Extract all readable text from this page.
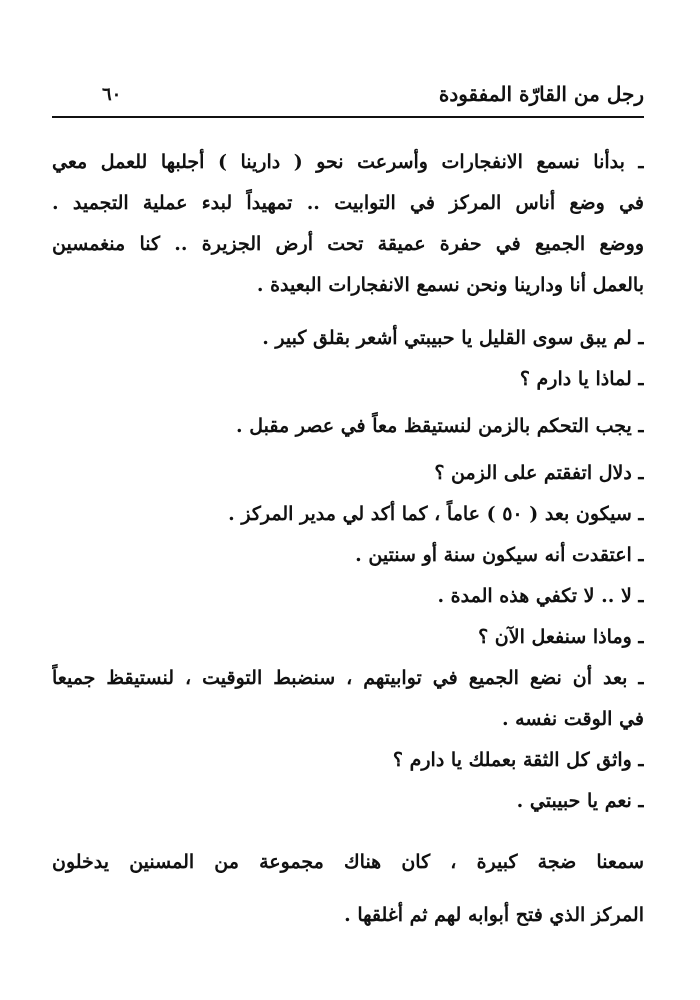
رجل من القارّة المفقودة
٦٠
ـ بدأنا نسمع الانفجارات وأسرعت نحو ( دارينا ) أجلبها للعمل معي
في وضع أناس المركز في التوابيت .. تمهيداً لبدء عملية التجميد .
ووضع الجميع في حفرة عميقة تحت أرض الجزيرة .. كنا منغمسين
بالعمل أنا ودارينا ونحن نسمع الانفجارات البعيدة .
ـ لم يبق سوى القليل يا حبيبتي أشعر بقلق كبير .
ـ لماذا يا دارم ؟
ـ يجب التحكم بالزمن لنستيقظ معاً في عصر مقبل .
ـ دلال اتفقتم على الزمن ؟
ـ سيكون بعد ( ٥٠ ) عاماً ، كما أكد لي مدير المركز .
ـ اعتقدت أنه سيكون سنة أو سنتين .
ـ لا .. لا تكفي هذه المدة .
ـ وماذا سنفعل الآن ؟
ـ بعد أن نضع الجميع في توابيتهم ، سنضبط التوقيت ، لنستيقظ جميعاً
في الوقت نفسه .
ـ واثق كل الثقة بعملك يا دارم ؟
ـ نعم يا حبيبتي .
سمعنا ضجة كبيرة ، كان هناك مجموعة من المسنين يدخلون
المركز الذي فتح أبوابه لهم ثم أغلقها .
